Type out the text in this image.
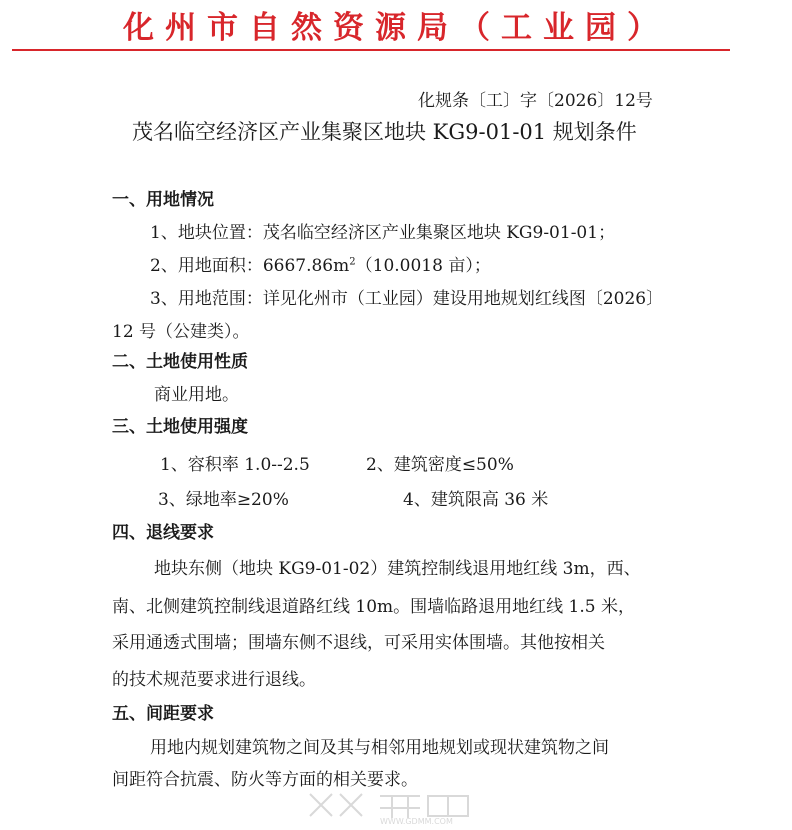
化州市自然资源局（工业园）
化规条〔工〕字〔2026〕12号
茂名临空经济区产业集聚区地块 KG9-01-01 规划条件
一、用地情况
1、地块位置：茂名临空经济区产业集聚区地块 KG9-01-01；
2、用地面积：$6667.86m^2(10.0018$ 亩）；
3、用地范围：详见化州市（工业园）建设用地规划红线图〔2026〕
12 号（公建类）。
二、土地使用性质
商业用地。
三、土地使用强度
1、容积率 1.0--2.5	2、建筑密度≤50%
3、绿地率≥20%	4、建筑限高 36 米
四、退线要求
地块东侧（地块 KG9-01-02）建筑控制线退用地红线 3m，西、
南、北侧建筑控制线退道路红线 10m。围墙临路退用地红线 1.5 米，
采用通透式围墙；围墙东侧不退线，可采用实体围墙。其他按相关
的技术规范要求进行退线。
五、间距要求
用地内规划建筑物之间及其与相邻用地规划或现状建筑物之间
间距符合抗震、防火等方面的相关要求。
WWW.GDMM.COM
